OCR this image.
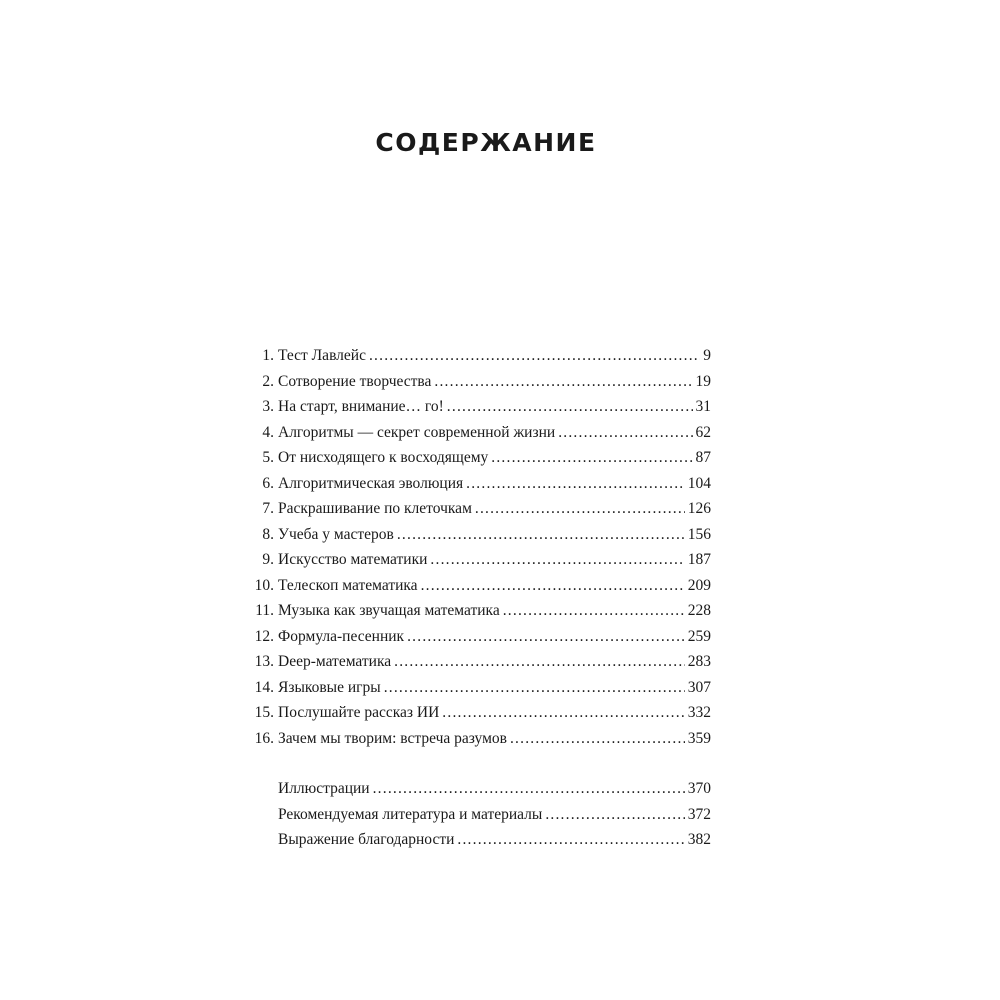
СОДЕРЖАНИЕ
1. Тест Лавлейс .....	9
2. Сотворение творчества .....	19
3. На старт, внимание… го! .....	31
4. Алгоритмы — секрет современной жизни .....	62
5. От нисходящего к восходящему .....	87
6. Алгоритмическая эволюция .....	104
7. Раскрашивание по клеточкам .....	126
8. Учеба у мастеров .....	156
9. Искусство математики .....	187
10. Телескоп математика .....	209
11. Музыка как звучащая математика .....	228
12. Формула-песенник .....	259
13. Deep-математика .....	283
14. Языковые игры .....	307
15. Послушайте рассказ ИИ .....	332
16. Зачем мы творим: встреча разумов .....	359
Иллюстрации .....	370
Рекомендуемая литература и материалы .....	372
Выражение благодарности .....	382
